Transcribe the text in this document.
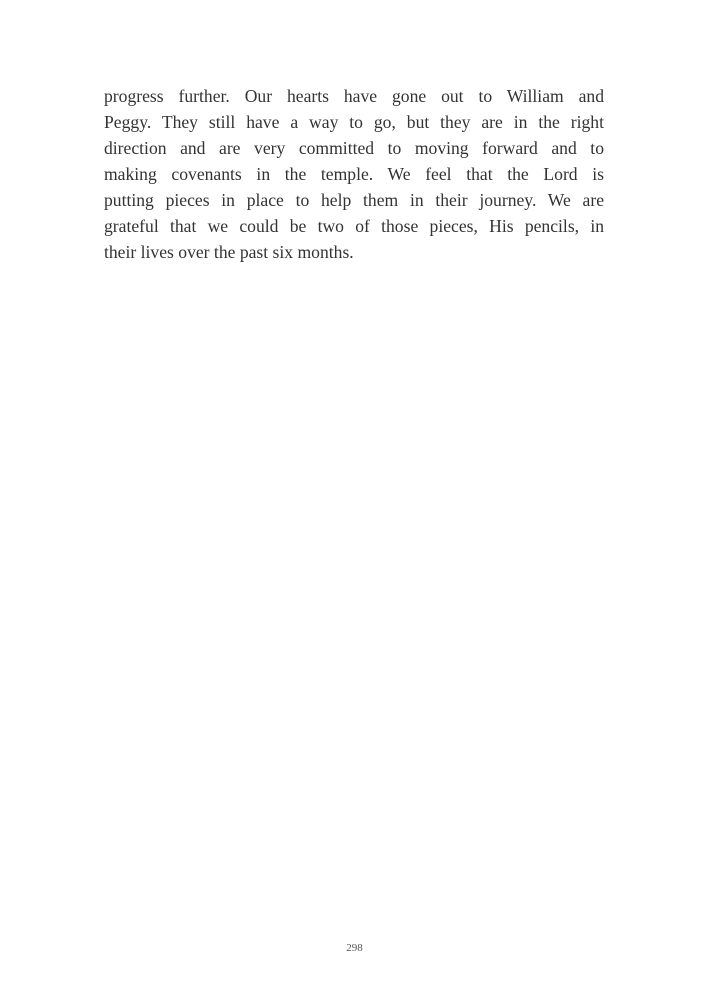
progress further. Our hearts have gone out to William and
Peggy. They still have a way to go, but they are in the right
direction and are very committed to moving forward and to
making covenants in the temple. We feel that the Lord is
putting pieces in place to help them in their journey. We are
grateful that we could be two of those pieces, His pencils, in
their lives over the past six months.

298
